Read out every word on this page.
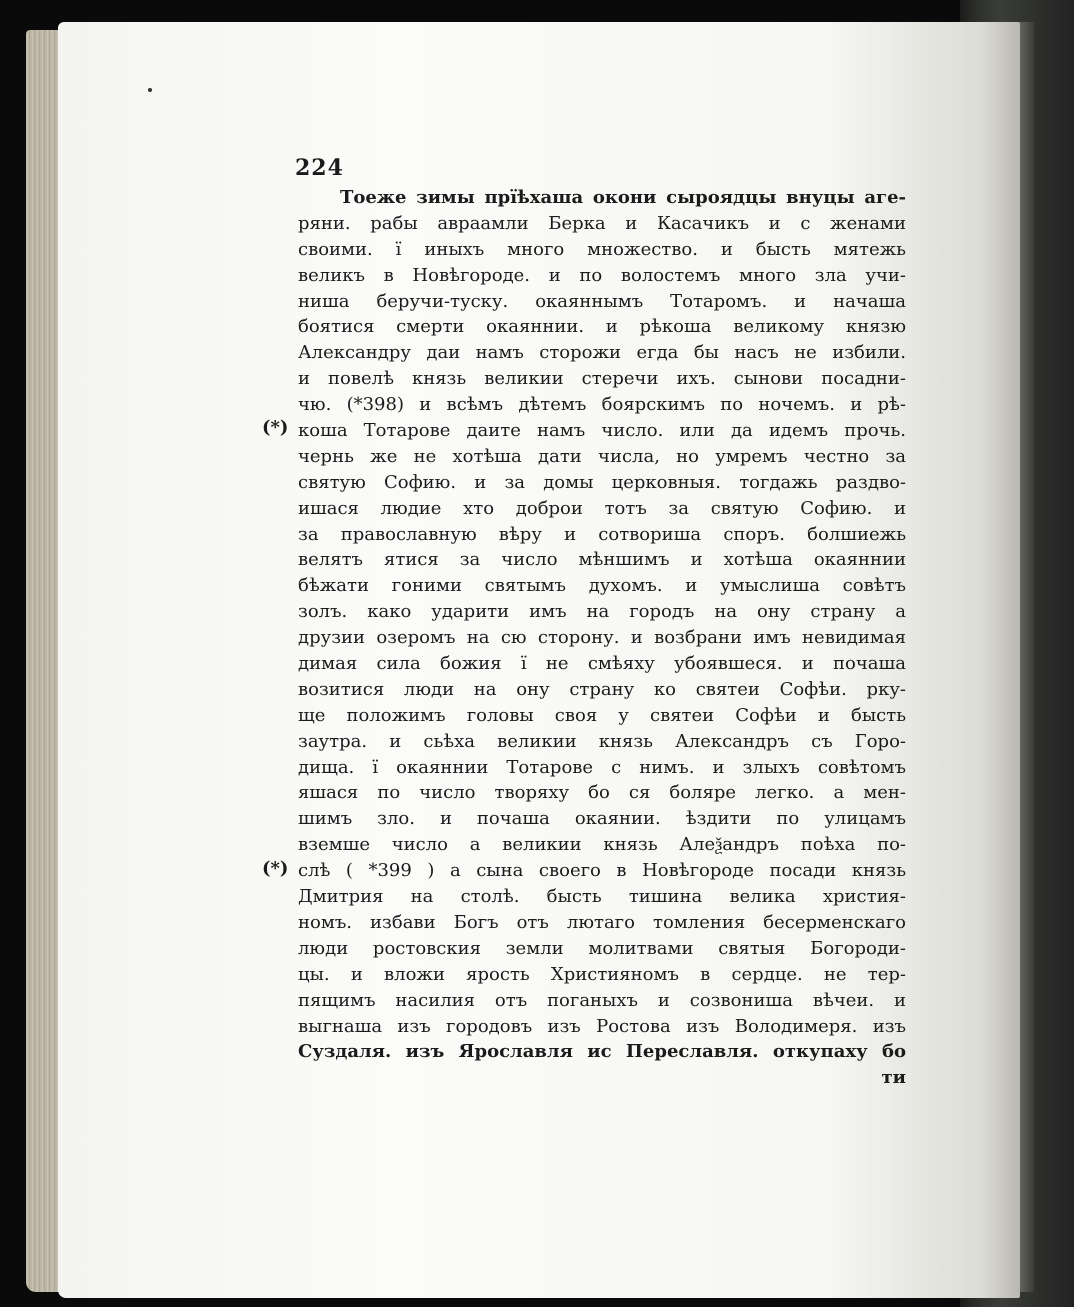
224
(*)
(*)
Тоеже зимы прїѣхаша окони сыроядцы внуцы аге-
ряни. рабы авраамли Берка и Касачикъ и с женами
своими. ї иныхъ много множество. и бысть мятежь
великъ в Новѣгороде. и по волостемъ много зла учи-
ниша беручи-туску. окаяннымъ Тотаромъ. и начаша
боятися смерти окаяннии. и рѣкоша великому князю
Александру даи намъ сторожи егда бы насъ не избили.
и повелѣ князь великии стеречи ихъ. сынови посадни-
чю. (*398) и всѣмъ дѣтемъ боярскимъ по ночемъ. и рѣ-
коша Тотарове даите намъ число. или да идемъ прочь.
чернь же не хотѣша дати числа, но умремъ честно за
святую Софию. и за домы церковныя. тогдажь раздво-
ишася людие хто доброи тотъ за святую Софию. и
за православную вѣру и сотвориша споръ. болшиежь
велятъ ятися за число мѣншимъ и хотѣша окаяннии
бѣжати гоними святымъ духомъ. и умыслиша совѣтъ
золъ. како ударити имъ на городъ на ону страну а
друзии озеромъ на сю сторону. и возбрани имъ невидимая
димая сила божия ї не смѣяху убоявшеся. и почаша
возитися люди на ону страну ко святеи Софѣи. рку-
ще положимъ головы своя у святеи Софѣи и бысть
заутра. и сьѣха великии князь Александръ съ Горо-
дища. ї окаяннии Тотарове с нимъ. и злыхъ совѣтомъ
яшася по число творяху бо ся боляре легко. а мен-
шимъ зло. и почаша окаянии. ѣздити по улицамъ
вземше число а великии князь Алеѯандръ поѣха по-
слѣ ( *399 ) а сына своего в Новѣгороде посади князь
Дмитрия на столѣ. бысть тишина велика христия-
номъ. избави Богъ отъ лютаго томления бесерменскаго
люди ростовския земли молитвами святыя Богороди-
цы. и вложи ярость Християномъ в сердце. не тер-
пящимъ насилия отъ поганыхъ и созвониша вѣчеи. и
выгнаша изъ городовъ изъ Ростова изъ Володимеря. изъ
Суздаля. изъ Ярославля ис Переславля. откупаху бо
ти
